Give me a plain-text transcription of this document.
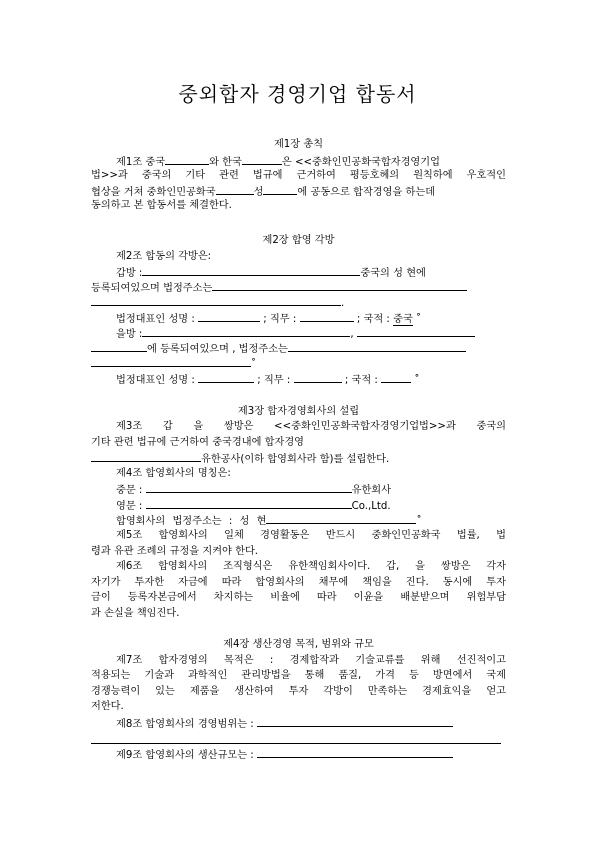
중외합자 경영기업 합동서
제1장 총칙
제1조 중국	와 한국	은 <<중화인민공화국합자경영기업
법>>과 중국의 기타 관련 법규에 근거하여 평등호혜의 원칙하에 우호적인
협상을 거쳐 중화인민공화국	성	에 공동으로 합작경영을 하는데
동의하고 본 합동서를 체결한다.
제2장 합영 각방
제2조 합동의 각방은:
갑방 :	중국의 성 현에
등록되여있으며 법정주소는
.
법정대표인 성명 :	; 직무 :	; 국적 : 중국 ˚
을방 :	,
에 등록되여있으며 , 법정주소는
˚
법정대표인 성명 :	; 직무 :	; 국적 :	˚
제3장 합자경영회사의 설립
제3조 갑 을 쌍방은 <<중화인민공화국합자경영기업법>>과 중국의
기타 관련 법규에 근거하여 중국경내에 합자경영
유한공사(이하 합영회사라 함)를 설립한다.
제4조 합영회사의 명칭은:
중문 :	유한회사
영문 :	Co.,Ltd.
합영회사의 법정주소는 : 성 현	˚
제5조 합영회사의 일체 경영활동은 반드시 중화인민공화국 법률, 법
령과 유관 조례의 규정을 지켜야 한다.
제6조 합영회사의 조직형식은 유한책임회사이다. 갑, 을 쌍방은 각자
자기가 투자한 자금에 따라 합영회사의 채무에 책임을 진다. 동시에 투자
금이 등록자본금에서 차지하는 비율에 따라 이윤을 배분받으며 위험부담
과 손실을 책임진다.
제4장 생산경영 목적, 범위와 규모
제7조 합자경영의 목적은 : 경제합작과 기술교류를 위해 선진적이고
적용되는 기술과 과학적인 관리방법을 통해 품질, 가격 등 방면에서 국제
경쟁능력이 있는 제품을 생산하여 투자 각방이 만족하는 경제효익을 얻고
저한다.
제8조 합영회사의 경영범위는 :
제9조 합영회사의 생산규모는 :
